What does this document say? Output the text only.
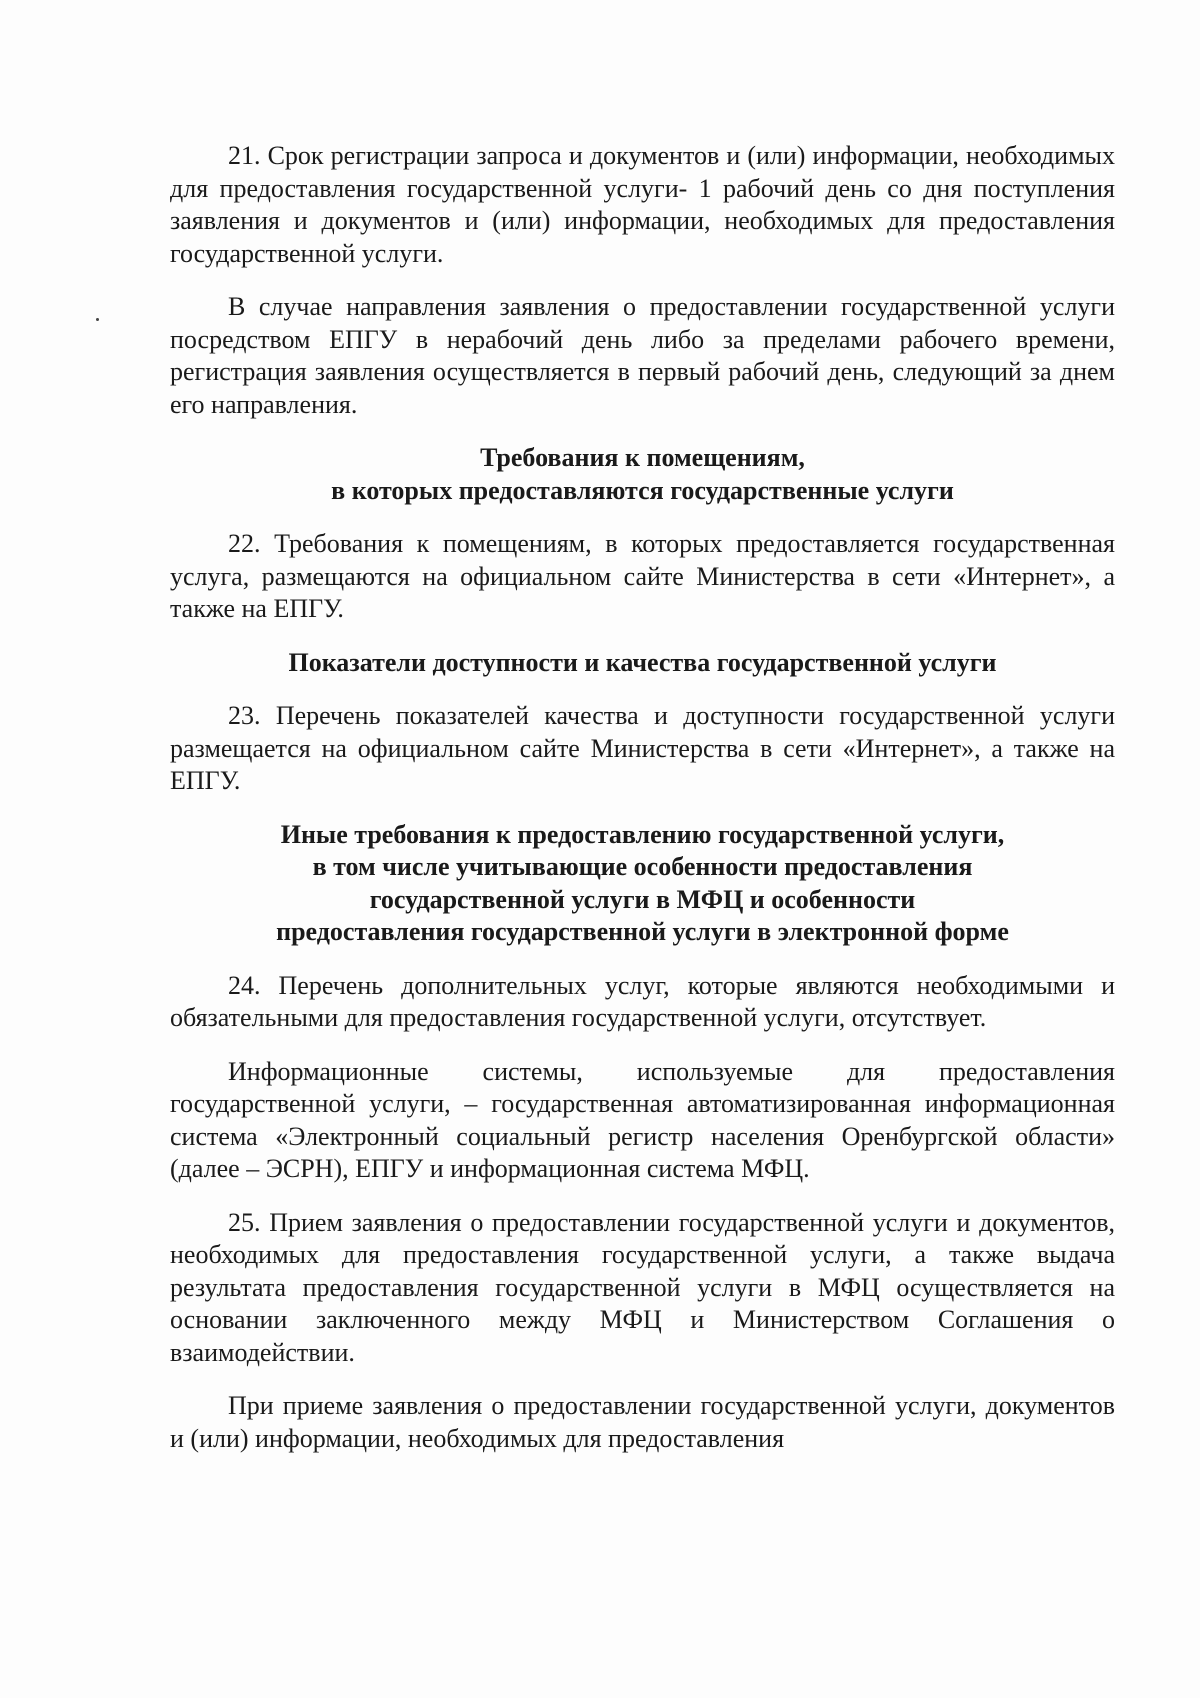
21. Срок регистрации запроса и документов и (или) информации, необходимых для предоставления государственной услуги- 1 рабочий день со дня поступления заявления и документов и (или) информации, необходимых для предоставления государственной услуги.

В случае направления заявления о предоставлении государственной услуги посредством ЕПГУ в нерабочий день либо за пределами рабочего времени, регистрация заявления осуществляется в первый рабочий день, следующий за днем его направления.

Требования к помещениям,
в которых предоставляются государственные услуги

22. Требования к помещениям, в которых предоставляется государственная услуга, размещаются на официальном сайте Министерства в сети «Интернет», а также на ЕПГУ.

Показатели доступности и качества государственной услуги

23. Перечень показателей качества и доступности государственной услуги размещается на официальном сайте Министерства в сети «Интернет», а также на ЕПГУ.

Иные требования к предоставлению государственной услуги,
в том числе учитывающие особенности предоставления
государственной услуги в МФЦ и особенности
предоставления государственной услуги в электронной форме

24. Перечень дополнительных услуг, которые являются необходимыми и обязательными для предоставления государственной услуги, отсутствует.

Информационные системы, используемые для предоставления государственной услуги, – государственная автоматизированная информационная система «Электронный социальный регистр населения Оренбургской области» (далее – ЭСРН), ЕПГУ и информационная система МФЦ.

25. Прием заявления о предоставлении государственной услуги и документов, необходимых для предоставления государственной услуги, а также выдача результата предоставления государственной услуги в МФЦ осуществляется на основании заключенного между МФЦ и Министерством Соглашения о взаимодействии.

При приеме заявления о предоставлении государственной услуги, документов и (или) информации, необходимых для предоставления
